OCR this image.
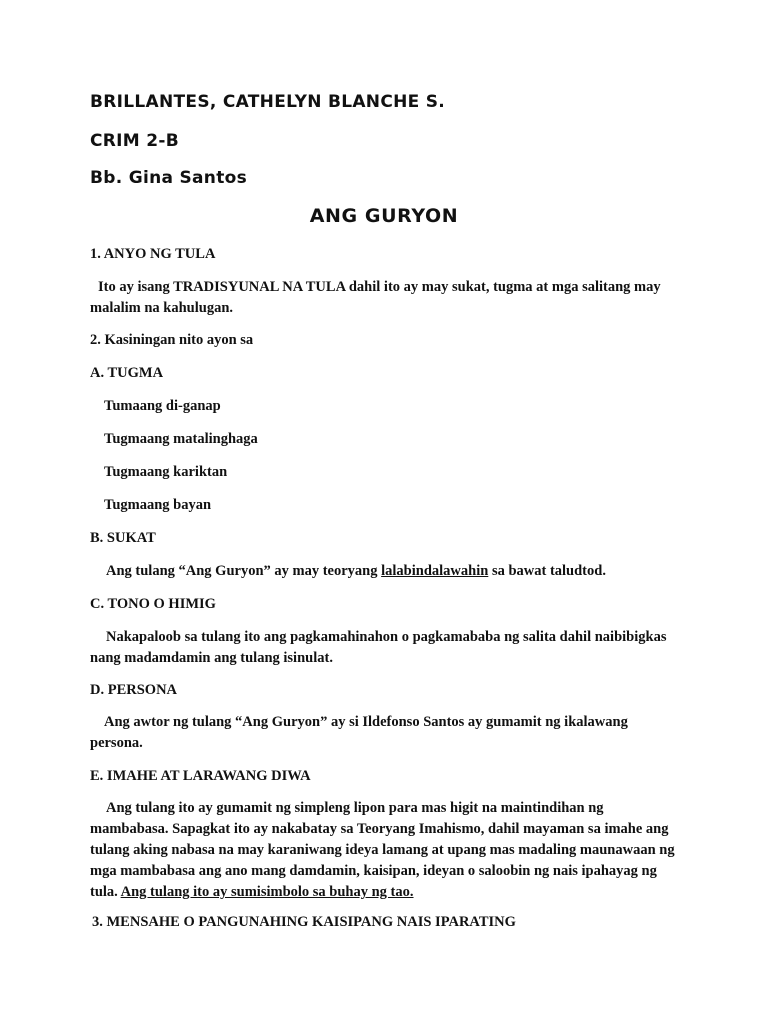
BRILLANTES, CATHELYN BLANCHE S.
CRIM 2-B
Bb. Gina Santos
ANG GURYON
1. ANYO NG TULA
Ito ay isang TRADISYUNAL NA TULA dahil ito ay may sukat, tugma at mga salitang may malalim na kahulugan.
2. Kasiningan nito ayon sa
A. TUGMA
Tumaang di-ganap
Tugmaang matalinghaga
Tugmaang kariktan
Tugmaang bayan
B. SUKAT
Ang tulang “Ang Guryon” ay may teoryang lalabindalawahin sa bawat taludtod.
C. TONO O HIMIG
Nakapaloob sa tulang ito ang pagkamahinahon o pagkamababa ng salita dahil naibibigkas nang madamdamin ang tulang isinulat.
D. PERSONA
Ang awtor ng tulang “Ang Guryon” ay si Ildefonso Santos ay gumamit ng ikalawang persona.
E. IMAHE AT LARAWANG DIWA
Ang tulang ito ay gumamit ng simpleng lipon para mas higit na maintindihan ng mambabasa. Sapagkat ito ay nakabatay sa Teoryang Imahismo, dahil mayaman sa imahe ang tulang aking nabasa na may karaniwang ideya lamang at upang mas madaling maunawaan ng mga mambabasa ang ano mang damdamin, kaisipan, ideyan o saloobin ng nais ipahayag ng tula. Ang tulang ito ay sumisimbolo sa buhay ng tao.
3. MENSAHE O PANGUNAHING KAISIPANG NAIS IPARATING
